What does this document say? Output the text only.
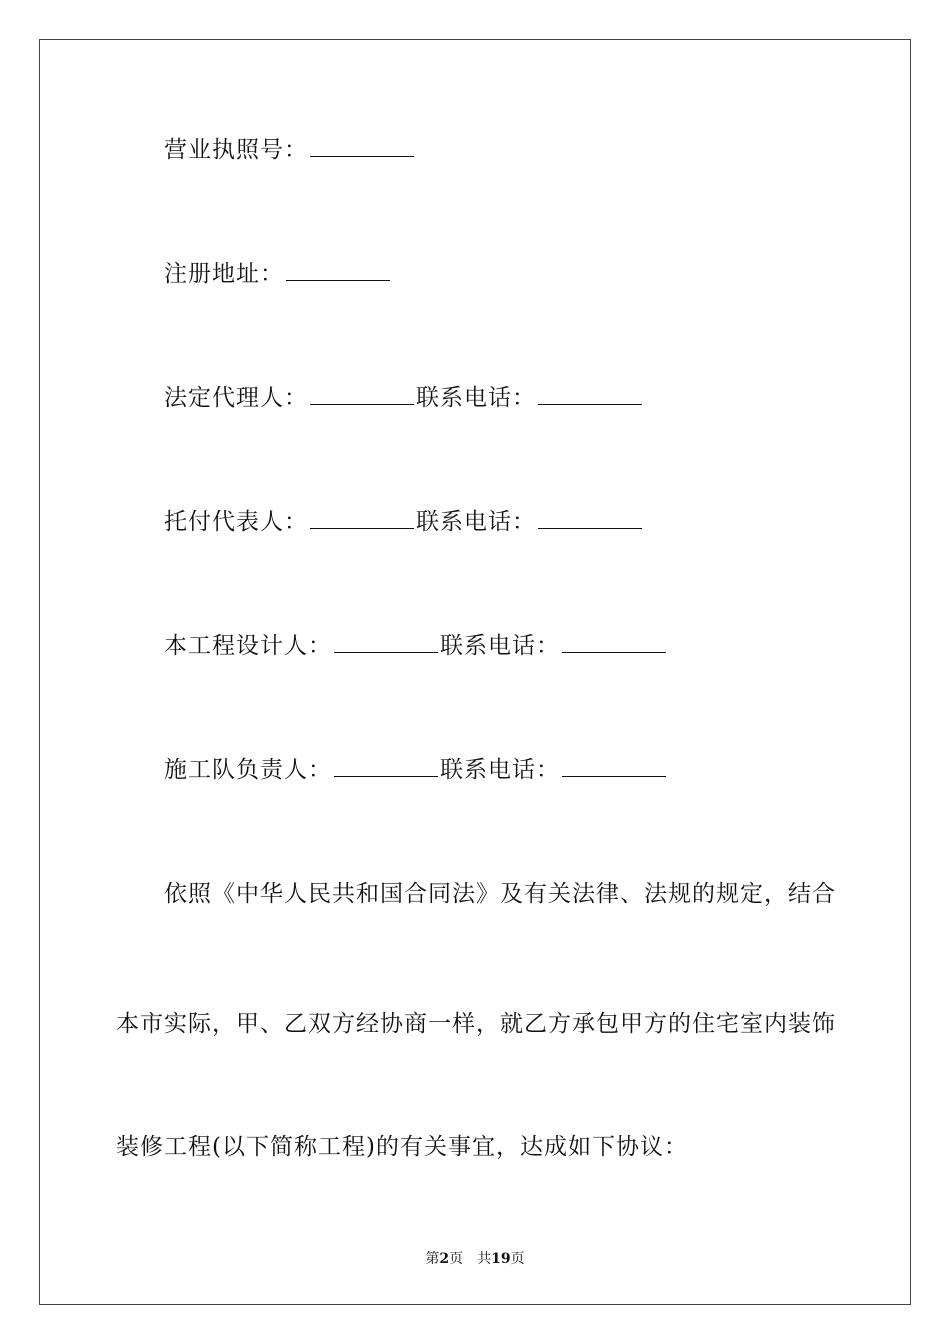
营业执照号：
注册地址：
法定代理人：	联系电话：
托付代表人：	联系电话：
本工程设计人：	联系电话：
施工队负责人：	联系电话：
依照《中华人民共和国合同法》及有关法律、法规的规定，结合
本市实际，甲、乙双方经协商一样，就乙方承包甲方的住宅室内装饰
装修工程(以下简称工程)的有关事宜，达成如下协议：
第2页 共19页
